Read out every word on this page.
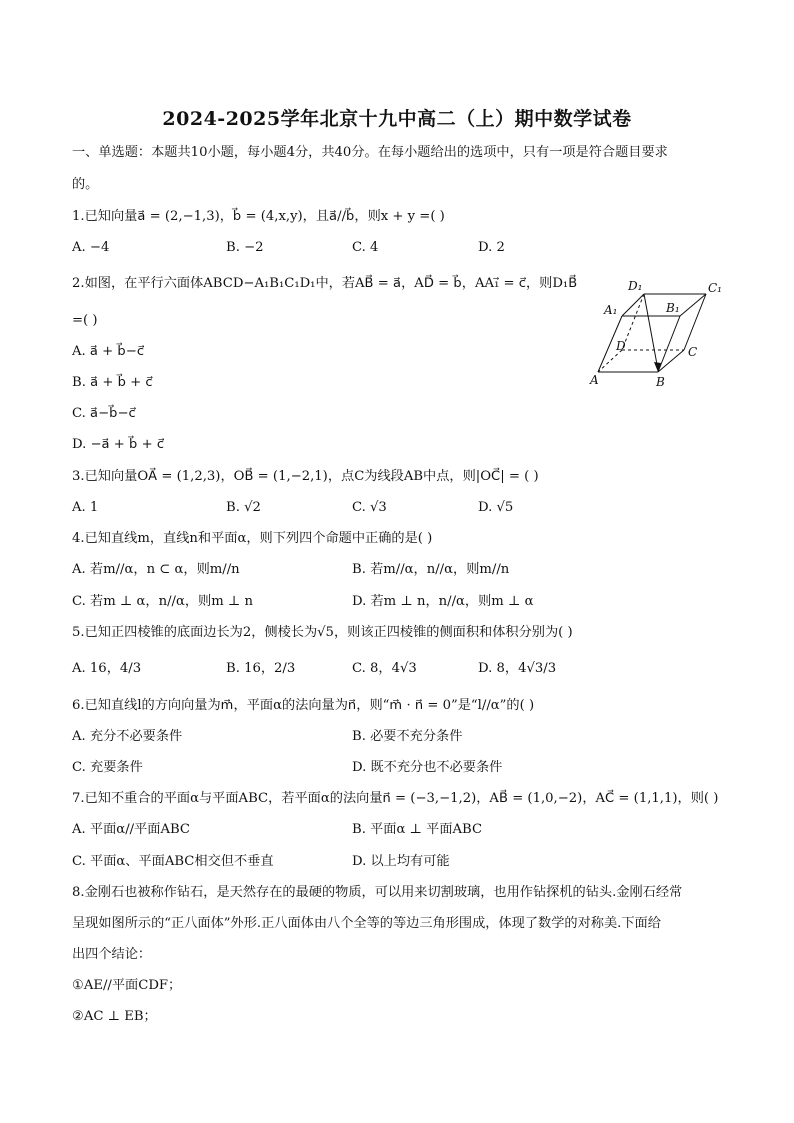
2024-2025学年北京十九中高二（上）期中数学试卷
一、单选题：本题共10小题，每小题4分，共40分。在每小题给出的选项中，只有一项是符合题目要求
的。
1.已知向量a⃗ = (2,−1,3)，b⃗ = (4,x,y)，且a⃗//b⃗，则x + y =( )
A. −4	B. −2	C. 4	D. 2
2.如图，在平行六面体ABCD−A₁B₁C₁D₁中，若AB⃗ = a⃗，AD⃗ = b⃗，AA₁⃗ = c⃗，则D₁B⃗
=( )
A. a⃗ + b⃗−c⃗
B. a⃗ + b⃗ + c⃗
C. a⃗−b⃗−c⃗
D. −a⃗ + b⃗ + c⃗
D₁	C₁
A₁	B₁
D	C
A	B
3.已知向量OA⃗ = (1,2,3)，OB⃗ = (1,−2,1)，点C为线段AB中点，则|OC⃗| = ( )
A. 1	B. √2	C. √3	D. √5
4.已知直线m，直线n和平面α，则下列四个命题中正确的是( )
A. 若m//α，n ⊂ α，则m//n	B. 若m//α，n//α，则m//n
C. 若m ⊥ α，n//α，则m ⊥ n	D. 若m ⊥ n，n//α，则m ⊥ α
5.已知正四棱锥的底面边长为2，侧棱长为√5，则该正四棱锥的侧面积和体积分别为( )
A. 16，4/3	B. 16，2/3	C. 8，4√3	D. 8，4√3/3
6.已知直线l的方向向量为m⃗，平面α的法向量为n⃗，则“m⃗ · n⃗ = 0”是“l//α”的( )
A. 充分不必要条件	B. 必要不充分条件
C. 充要条件	D. 既不充分也不必要条件
7.已知不重合的平面α与平面ABC，若平面α的法向量n⃗ = (−3,−1,2)，AB⃗ = (1,0,−2)，AC⃗ = (1,1,1)，则( )
A. 平面α//平面ABC	B. 平面α ⊥ 平面ABC
C. 平面α、平面ABC相交但不垂直	D. 以上均有可能
8.金刚石也被称作钻石，是天然存在的最硬的物质，可以用来切割玻璃，也用作钻探机的钻头.金刚石经常
呈现如图所示的“正八面体”外形.正八面体由八个全等的等边三角形围成，体现了数学的对称美.下面给
出四个结论：
①AE//平面CDF；
②AC ⊥ EB；
